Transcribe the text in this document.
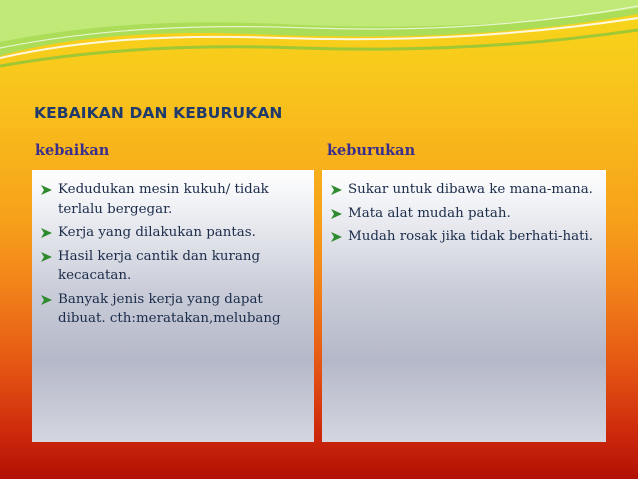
KEBAIKAN DAN KEBURUKAN
kebaikan	keburukan
Kedudukan mesin kukuh/ tidak terlalu bergegar.
Kerja yang dilakukan pantas.
Hasil kerja cantik dan kurang kecacatan.
Banyak jenis kerja yang dapat dibuat. cth:meratakan,melubang
Sukar untuk dibawa ke mana-mana.
Mata alat mudah patah.
Mudah rosak jika tidak berhati-hati.
